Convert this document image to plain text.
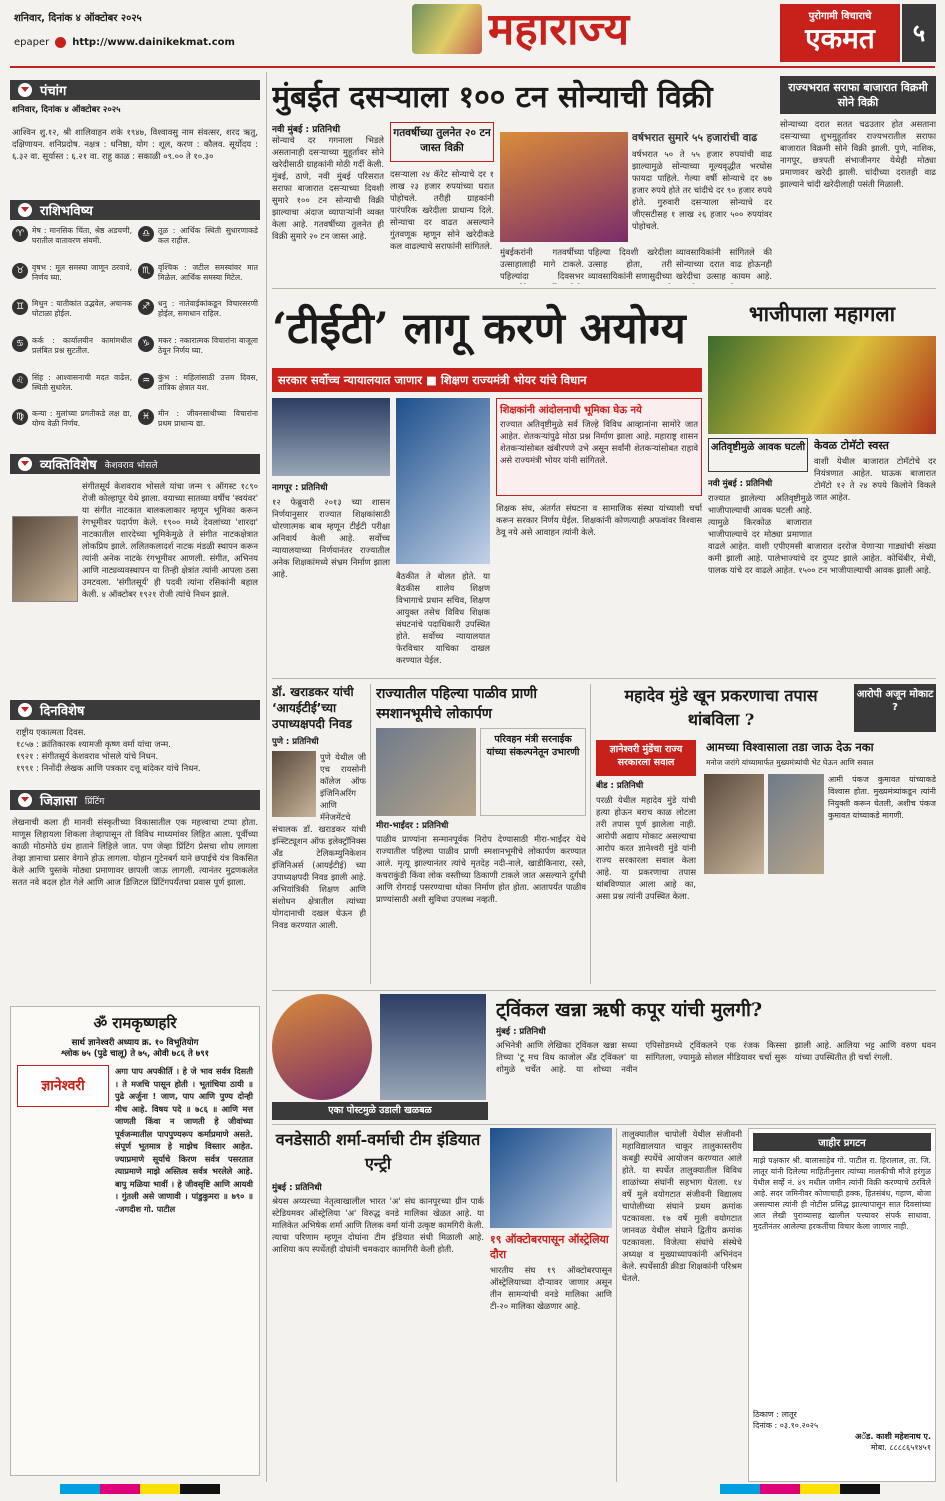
शनिवार, दिनांक ४ ऑक्टोबर २०२५
epaper http://www.dainikekmat.com	महाराज्य	पुरोगामी विचाराचे
एकमत	५
पंचांग
शनिवार, दिनांक ४ ऑक्टोबर २०२५
आश्विन शु.१२, श्री शालिवाहन शके १९४७, विश्वावसु नाम संवत्सर, शरद ऋतु, दक्षिणायन. शनिप्रदोष. नक्षत्र : धनिष्ठा, योग : शूल, करण : कौलव. सूर्योदय : ६.३२ वा. सूर्यास्त : ६.२१ वा. राहू काळ : सकाळी ०९.०० ते १०.३०
राशिभविष्य
♈	मेष : मानसिक चिंता, श्रेष्ठ अडचणी, घरातील वातावरण संयमी.
♎	तूळ : आर्थिक स्थिती सुधारणाकडे कल राहील.
♉	वृषभ : मूल समस्या जाणून ठरवावे, निर्णय घ्या.
♏	वृश्चिक : जटील समस्यांवर मात मिळेल. आर्थिक समस्या मिटेल.
♊	मिथुन : यातीकांत उद्भवेल, अचानक घोटाळा होईल.
♐	धनु : नातेवाईकांकडून विचारसरणी होईल, समाधान राहिल.
♋	कर्क : कार्यालयीन कामांमधील प्रलंबित प्रश्न सुटतील.
♑	मकर : नकारात्मक विचारांना बाजूला ठेवून निर्णय घ्या.
♌	सिंह : आश्वासनाची मदत वाढेल, स्थिती सुधारेल.
♒	कुंभ : महिलांसाठी उत्तम दिवस, तांत्रिक क्षेत्रात यश.
♍	कन्या : मुलांच्या प्रगतीकडे लक्ष द्या, योग्य वेळी निर्णय.
♓	मीन : जीवनसाथीच्या विचारांना प्रथम प्राधान्य द्या.
व्यक्तिविशेष केशवराव भोसले
संगीतसूर्य केशवराव भोसले यांचा जन्म ९ ऑगस्ट १८९० रोजी कोल्हापूर येथे झाला. वयाच्या सातव्या वर्षीच 'स्वयंवर' या संगीत नाटकात बालकलाकार म्हणून भूमिका करून रंगभूमीवर पदार्पण केले. १९०० मध्ये देवलांच्या 'शारदा' नाटकातील शारदेच्या भूमिकेमुळे ते संगीत नाटकक्षेत्रात लोकप्रिय झाले. ललितकलादर्श नाटक मंडळी स्थापन करून त्यांनी अनेक नाटके रंगभूमीवर आणली. संगीत, अभिनय आणि नाट्यव्यवस्थापन या तिन्ही क्षेत्रांत त्यांनी आपला ठसा उमटवला. 'संगीतसूर्य' ही पदवी त्यांना रसिकांनी बहाल केली. ४ ऑक्टोबर १९२१ रोजी त्यांचे निधन झाले.
दिनविशेष
राष्ट्रीय एकात्मता दिवस.
१८५७ : क्रांतिकारक श्यामजी कृष्ण वर्मा यांचा जन्म.
१९२१ : संगीतसूर्य केशवराव भोसले यांचे निधन.
१९९१ : निनोंदी लेखक आणि पत्रकार दत्तू बांदेकर यांचे निधन.
जिज्ञासा प्रिंटिंग
लेखनाची कला ही मानवी संस्कृतीच्या विकासातील एक महत्त्वाचा टप्पा होता. माणूस लिहायला शिकला तेव्हापासून तो विविध माध्यमांवर लिहित आला. पूर्वीच्या काळी मोठमोठे ग्रंथ हाताने लिहिले जात. पण जेव्हा प्रिंटिंग प्रेसचा शोध लागला तेव्हा ज्ञानाचा प्रसार वेगाने होऊ लागला. योहान गुटेनबर्ग याने छपाईचे यंत्र विकसित केले आणि पुस्तके मोठ्या प्रमाणावर छापली जाऊ लागली. त्यानंतर मुद्रणकलेत सतत नवे बदल होत गेले आणि आज डिजिटल प्रिंटिंगपर्यंतचा प्रवास पूर्ण झाला.
ॐ रामकृष्णहरि
सार्थ ज्ञानेश्वरी अध्याय क्र. १० विभूतियोग
श्लोक ७५ (पुढे चालू) ते ७५, ओवी ७८६ ते ७९१
ज्ञानेश्वरी
अगा पाप अपकीर्ति । हे जे भाव सर्वत्र दिसती । ते मजचि पासून होती । भूतांचिया ठायी ॥ पुढे अर्जुना ! जाण, पाप आणि पुण्य दोन्ही मीच आहे. विषय पदे ॥ ७८६ ॥ आणि मत्त जाणती किंवा न जाणती हे जीवांच्या पूर्वजन्मातील पापपुण्यरूप कर्माप्रमाणे असते. संपूर्ण भूतमात्र हे माझेच विस्तार आहेत. ज्याप्रमाणे सूर्याचे किरण सर्वत्र पसरतात त्याप्रमाणे माझे अस्तित्व सर्वत्र भरलेले आहे. बापु मळिया भावीं । हे जीवसृष्टि आणि आयवी । गुंतली असे जाणावी । पांडुकुमरा ॥ ७९० ॥ -जगदीश गो. पाटील
मुंबईत दसऱ्याला १०० टन सोन्याची विक्री
नवी मुंबई : प्रतिनिधी
सोन्याचे दर गगनाला भिडले असतानाही दसऱ्याच्या मुहूर्तावर सोने खरेदीसाठी ग्राहकांनी मोठी गर्दी केली. मुंबई, ठाणे, नवी मुंबई परिसरात सराफा बाजारात दसऱ्याच्या दिवशी सुमारे १०० टन सोन्याची विक्री झाल्याचा अंदाज व्यापाऱ्यांनी व्यक्त केला आहे. गतवर्षीच्या तुलनेत ही विक्री सुमारे २० टन जास्त आहे.
गतवर्षीच्या तुलनेत २० टन जास्त विक्री
दसऱ्याला २४ कॅरेट सोन्याचे दर १ लाख २३ हजार रुपयांच्या घरात पोहोचले. तरीही ग्राहकांनी पारंपरिक खरेदीला प्राधान्य दिले. सोन्याचा दर वाढत असल्याने गुंतवणूक म्हणून सोने खरेदीकडे कल वाढल्याचे सराफांनी सांगितले.
वर्षभरात सुमारे ५५ हजारांची वाढ
वर्षभरात ५० ते ५५ हजार रुपयांची वाढ झाल्यामुळे सोन्याच्या मूल्यवृद्धीत भरघोस फायदा पाहिले. गेल्या वर्षी सोन्याचे दर ७७ हजार रुपये होते तर चांदीचे दर ९० हजार रुपये होते. गुरुवारी दसऱ्याला सोन्याचे दर जीएसटीसह १ लाख २६ हजार ५०० रुपयांवर पोहोचले.
मुंबईकरांनी गतवर्षीच्या उत्साहालाही मागे टाकले. पहिल्यांदा दिवसभर
पहिल्या दिवशी खरेदीला उत्साह होता, तरी व्यावसायिकांनी सणासुदीच्या
व्यावसायिकांनी सांगितले की सोन्याच्या दरात वाढ होऊनही खरेदीचा उत्साह कायम आहे.
राज्यभरात सराफा बाजारात विक्रमी सोने विक्री
सोन्याच्या दरात सतत चढउतार होत असताना दसऱ्याच्या शुभमुहूर्तावर राज्यभरातील सराफा बाजारात विक्रमी सोने विक्री झाली. पुणे, नाशिक, नागपूर, छत्रपती संभाजीनगर येथेही मोठ्या प्रमाणावर खरेदी झाली. चांदीच्या दरातही वाढ झाल्याने चांदी खरेदीलाही पसंती मिळाली.
‘टीईटी’ लागू करणे अयोग्य
सरकार सर्वोच्च न्यायालयात जाणार ■ शिक्षण राज्यमंत्री भोयर यांचे विधान
नागपूर : प्रतिनिधी
१२ फेब्रुवारी २०१३ च्या शासन निर्णयानुसार राज्यात शिक्षकांसाठी धोरणात्मक बाब म्हणून टीईटी परीक्षा अनिवार्य केली आहे. सर्वोच्च न्यायालयाच्या निर्णयानंतर राज्यातील अनेक शिक्षकांमध्ये संभ्रम निर्माण झाला आहे.	बैठकीत ते बोलत होते. या बैठकीस शालेय शिक्षण विभागाचे प्रधान सचिव, शिक्षण आयुक्त तसेच विविध शिक्षक संघटनांचे पदाधिकारी उपस्थित होते. सर्वोच्च न्यायालयात फेरविचार याचिका दाखल करण्यात येईल.
शिक्षकांनी आंदोलनाची भूमिका घेऊ नये
राज्यात अतिवृष्टीमुळे सर्व जिल्हे विविध आव्हानांना सामोरे जात आहेत. शेतकऱ्यांपुढे मोठा प्रश्न निर्माण झाला आहे. महाराष्ट्र शासन शेतकऱ्यांसोबत खंबीरपणे उभे असून सर्वांनी शेतकऱ्यांसोबत राहावे असे राज्यमंत्री भोयर यांनी सांगितले.
शिक्षक संघ, अंतर्गत संघटना व सामाजिक संस्था यांच्याशी चर्चा करून सरकार निर्णय घेईल. शिक्षकांनी कोणत्याही अफवांवर विश्वास ठेवू नये असे आवाहन त्यांनी केले.
भाजीपाला महागला
अतिवृष्टीमुळे आवक घटली केवळ टोमॅटो स्वस्त
वाशी येथील बाजारात टोमॅटोचे दर नियंत्रणात आहेत. घाऊक बाजारात टोमॅटो १२ ते २४ रुपये किलोने विकले जात आहेत.
नवी मुंबई : प्रतिनिधी
राज्यात झालेल्या अतिवृष्टीमुळे भाजीपाल्याची आवक घटली आहे. त्यामुळे किरकोळ बाजारात भाजीपाल्याचे दर मोठ्या प्रमाणात वाढले आहेत. वाशी एपीएमसी बाजारात दररोज येणाऱ्या गाड्यांची संख्या कमी झाली आहे. पालेभाज्यांचे दर दुप्पट झाले आहेत. कोथिंबीर, मेथी, पालक यांचे दर वाढले आहेत. १५०० टन भाजीपाल्याची आवक झाली आहे.
डॉ. खराडकर यांची ‘आयईटीई’च्या उपाध्यक्षपदी निवड
पुणे : प्रतिनिधी
पुणे येथील जी एच रायसोनी कॉलेज ऑफ इंजिनिअरिंग आणि मॅनेजमेंटचे संचालक डॉ. खराडकर यांची इन्स्टिट्यूशन ऑफ इलेक्ट्रॉनिक्स अँड टेलिकम्युनिकेशन इंजिनिअर्स (आयईटीई) च्या उपाध्यक्षपदी निवड झाली आहे. अभियांत्रिकी शिक्षण आणि संशोधन क्षेत्रातील त्यांच्या योगदानाची दखल घेऊन ही निवड करण्यात आली.
राज्यातील पहिल्या पाळीव प्राणी स्मशानभूमीचे लोकार्पण
परिवहन मंत्री सरनाईक यांच्या संकल्पनेतून उभारणी
मीरा-भाईंदर : प्रतिनिधी
पाळीव प्राण्यांना सन्मानपूर्वक निरोप देण्यासाठी मीरा-भाईंदर येथे राज्यातील पहिल्या पाळीव प्राणी स्मशानभूमीचे लोकार्पण करण्यात आले. मृत्यू झाल्यानंतर त्यांचे मृतदेह नदी-नाले, खाडीकिनारा, रस्ते, कचराकुंडी किंवा लोक वस्तीच्या ठिकाणी टाकले जात असल्याने दुर्गंधी आणि रोगराई पसरण्याचा धोका निर्माण होत होता. आतापर्यंत पाळीव प्राण्यांसाठी अशी सुविधा उपलब्ध नव्हती.
महादेव मुंडे खून प्रकरणाचा तपास थांबविला ?
आरोपी अजून मोकाट ?
ज्ञानेश्वरी मुंडेंचा राज्य सरकारला सवाल
आमच्या विश्वासाला तडा जाऊ देऊ नका
मनोज जरांगे यांच्यामार्फत मुख्यमंत्र्यांची भेट घेऊन आणि सवाल
बीड : प्रतिनिधी
परळी येथील महादेव मुंडे यांची हत्या होऊन बराच काळ लोटला तरी तपास पूर्ण झालेला नाही. आरोपी अद्याप मोकाट असल्याचा आरोप करत ज्ञानेश्वरी मुंडे यांनी राज्य सरकारला सवाल केला आहे. या प्रकरणाचा तपास थांबविण्यात आला आहे का, असा प्रश्न त्यांनी उपस्थित केला.
आमी पंकज कुमावत यांच्याकडे विश्वास होता. मुख्यमंत्र्यांकडून त्यांनी नियुक्ती करून घेतली, अशीच पंकज कुमावत यांच्याकडे मागणी.
एका पोस्टमुळे उडाली खळबळ
ट्विंकल खन्ना ऋषी कपूर यांची मुलगी?
मुंबई : प्रतिनिधी
अभिनेत्री आणि लेखिका ट्विंकल खन्ना सध्या तिच्या 'टू मच विथ काजोल अँड ट्विंकल' या शोमुळे चर्चेत आहे. या शोच्या नवीन एपिसोडमध्ये ट्विंकलने एक रंजक किस्सा सांगितला, ज्यामुळे सोशल मीडियावर चर्चा सुरू झाली आहे. आलिया भट्ट आणि वरुण धवन यांच्या उपस्थितीत ही चर्चा रंगली.
वनडेसाठी शर्मा-वर्माची टीम इंडियात एन्ट्री
मुंबई : प्रतिनिधी
श्रेयस अय्यरच्या नेतृत्वाखालील भारत 'अ' संघ कानपूरच्या ग्रीन पार्क स्टेडियमवर ऑस्ट्रेलिया 'अ' विरुद्ध वनडे मालिका खेळत आहे. या मालिकेत अभिषेक शर्मा आणि तिलक वर्मा यांनी उत्कृष्ट कामगिरी केली. त्याचा परिणाम म्हणून दोघांना टीम इंडियात संधी मिळाली आहे. आशिया कप स्पर्धेतही दोघांनी चमकदार कामगिरी केली होती.
१९ ऑक्टोबरपासून ऑस्ट्रेलिया दौरा
भारतीय संघ १९ ऑक्टोबरपासून ऑस्ट्रेलियाच्या दौऱ्यावर जाणार असून तीन सामन्यांची वनडे मालिका आणि टी-२० मालिका खेळणार आहे.
तालुक्यातील चापोली येथील संजीवनी महाविद्यालयात चाकूर तालुकास्तरीय कबड्डी स्पर्धेचे आयोजन करण्यात आले होते. या स्पर्धेत तालुक्यातील विविध शाळांच्या संघांनी सहभाग घेतला. १४ वर्षे मुले वयोगटात संजीवनी विद्यालय चापोलीच्या संघाने प्रथम क्रमांक पटकावला. १७ वर्षे मुली वयोगटात जानवळ येथील संघाने द्वितीय क्रमांक पटकावला. विजेत्या संघांचे संस्थेचे अध्यक्ष व मुख्याध्यापकांनी अभिनंदन केले. स्पर्धेसाठी क्रीडा शिक्षकांनी परिश्रम घेतले.
जाहीर प्रगटन
माझे पक्षकार श्री. बालासाहेब गो. पाटील रा. हिरालाल, ता. जि. लातूर यांनी दिलेल्या माहितीनुसार त्यांच्या मालकीची मौजे हरंगुळ येथील सर्व्हे नं. ४९ मधील जमीन त्यांनी विक्री करण्याचे ठरविले आहे. सदर जमिनीवर कोणाचाही हक्क, हितसंबंध, गहाण, बोजा असल्यास त्यांनी ही नोटीस प्रसिद्ध झाल्यापासून सात दिवसांच्या आत लेखी पुराव्यासह खालील पत्त्यावर संपर्क साधावा. मुदतीनंतर आलेल्या हरकतींचा विचार केला जाणार नाही.
ठिकाण : लातूर
दिनांक : ०३.१०.२०२५
अॅड. काशी महेशनाथ ए.
मोबा. ८८८८६५१४५१
